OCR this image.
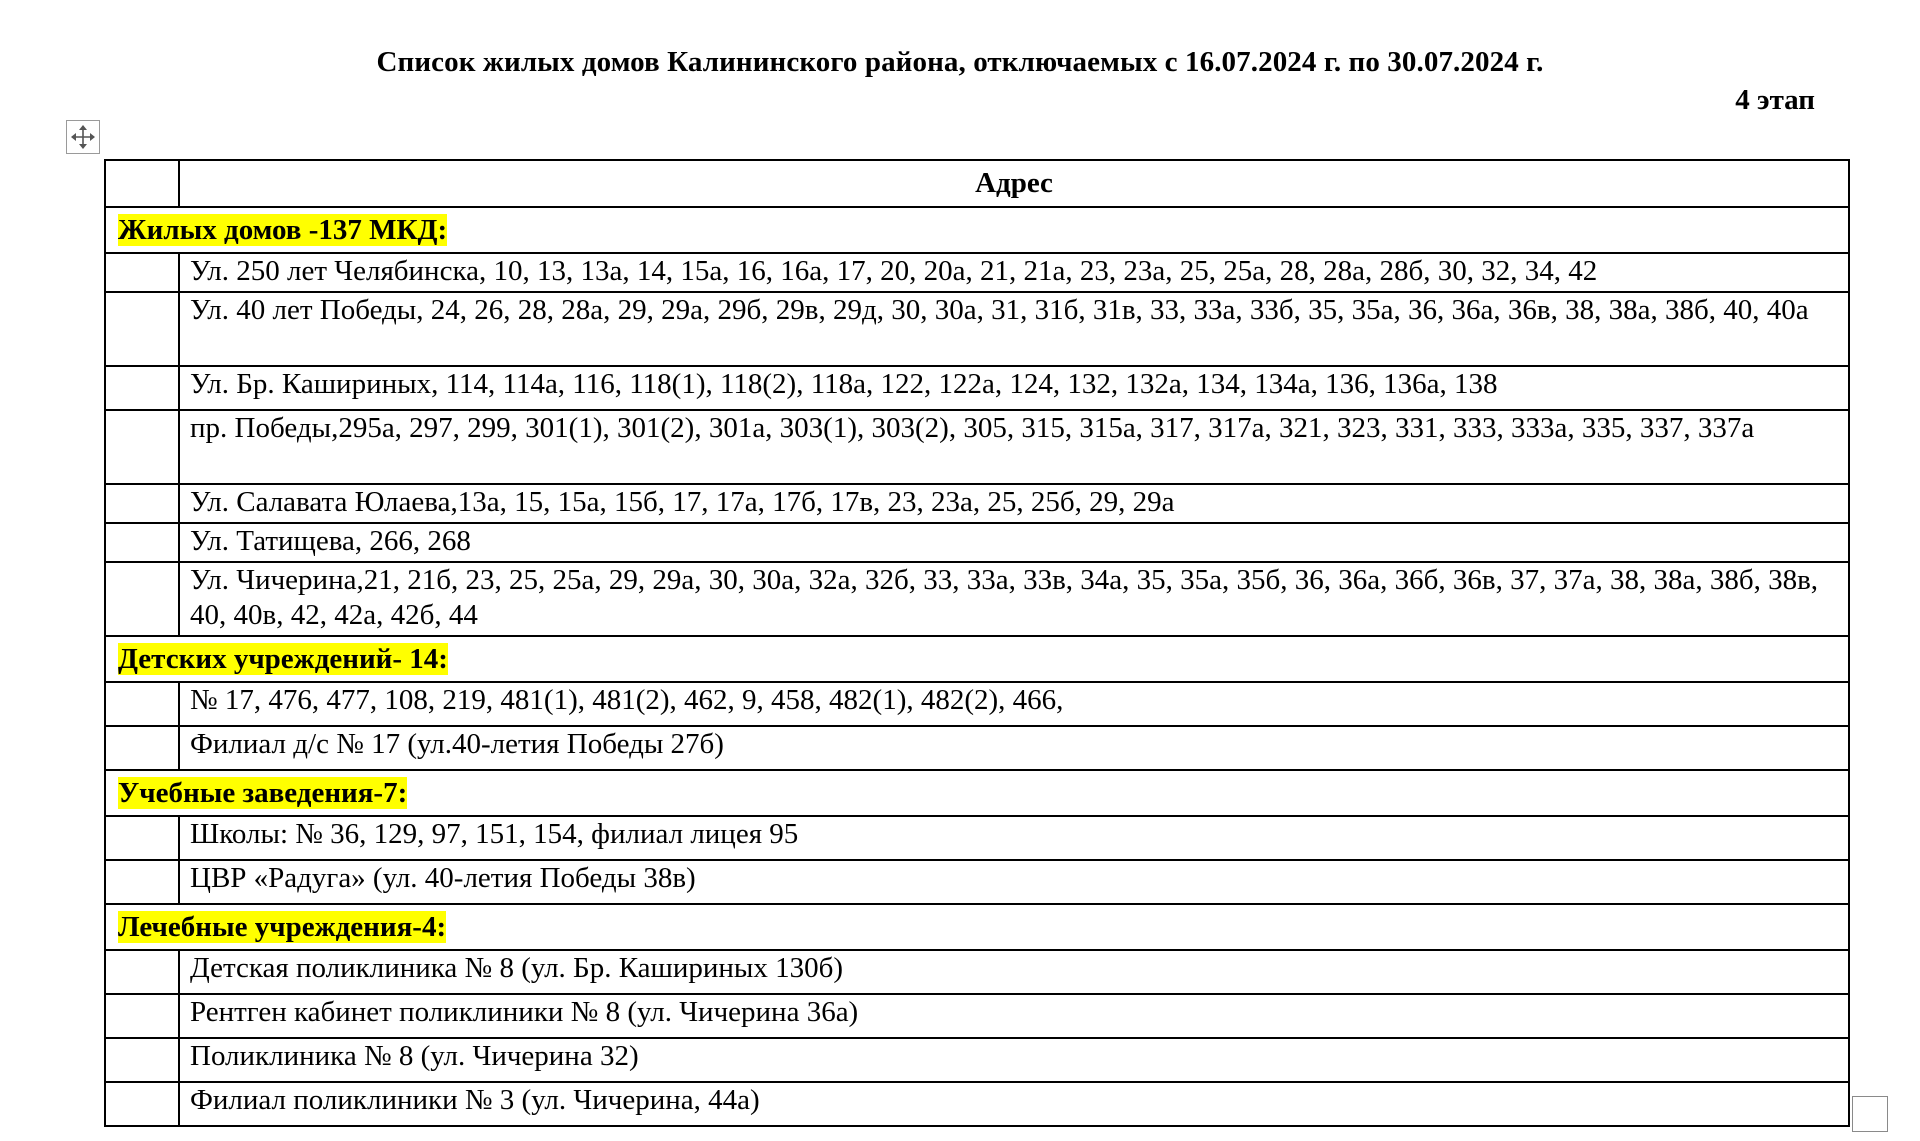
Список жилых домов Калининского района, отключаемых с 16.07.2024 г. по 30.07.2024 г.
4 этап
	Адрес
Жилых домов -137 МКД:	
	Ул. 250 лет Челябинска, 10, 13, 13а, 14, 15а, 16, 16а, 17, 20, 20а, 21, 21а, 23, 23а, 25, 25а, 28, 28а, 28б, 30, 32, 34, 42
	Ул. 40 лет Победы, 24, 26, 28, 28а, 29, 29а, 29б, 29в, 29д, 30, 30а, 31, 31б, 31в, 33, 33а, 33б, 35, 35а, 36, 36а, 36в, 38, 38а, 38б, 40, 40а
	Ул. Бр. Кашириных, 114, 114а, 116, 118(1), 118(2), 118а, 122, 122а, 124, 132, 132а, 134, 134а, 136, 136а, 138
	пр. Победы,295а, 297, 299, 301(1), 301(2), 301а, 303(1), 303(2), 305, 315, 315а, 317, 317а, 321, 323, 331, 333, 333а, 335, 337, 337а
	Ул. Салавата Юлаева,13а, 15, 15а, 15б, 17, 17а, 17б, 17в, 23, 23а, 25, 25б, 29, 29а
	Ул. Татищева, 266, 268
	Ул. Чичерина,21, 21б, 23, 25, 25а, 29, 29а, 30, 30а, 32а, 32б, 33, 33а, 33в, 34а, 35, 35а, 35б, 36, 36а, 36б, 36в, 37, 37а, 38, 38а, 38б, 38в, 40, 40в, 42, 42а, 42б, 44
Детских учреждений- 14:	
	№ 17, 476, 477, 108, 219, 481(1), 481(2), 462, 9, 458, 482(1), 482(2), 466,
	Филиал д/с № 17 (ул.40-летия Победы 27б)
Учебные заведения-7:	
	Школы: № 36, 129, 97, 151, 154, филиал лицея 95
	ЦВР «Радуга» (ул. 40-летия Победы 38в)
Лечебные учреждения-4:	
	Детская поликлиника № 8 (ул. Бр. Кашириных 130б)
	Рентген кабинет поликлиники № 8 (ул. Чичерина 36а)
	Поликлиника № 8 (ул. Чичерина 32)
	Филиал поликлиники № 3 (ул. Чичерина, 44а)
